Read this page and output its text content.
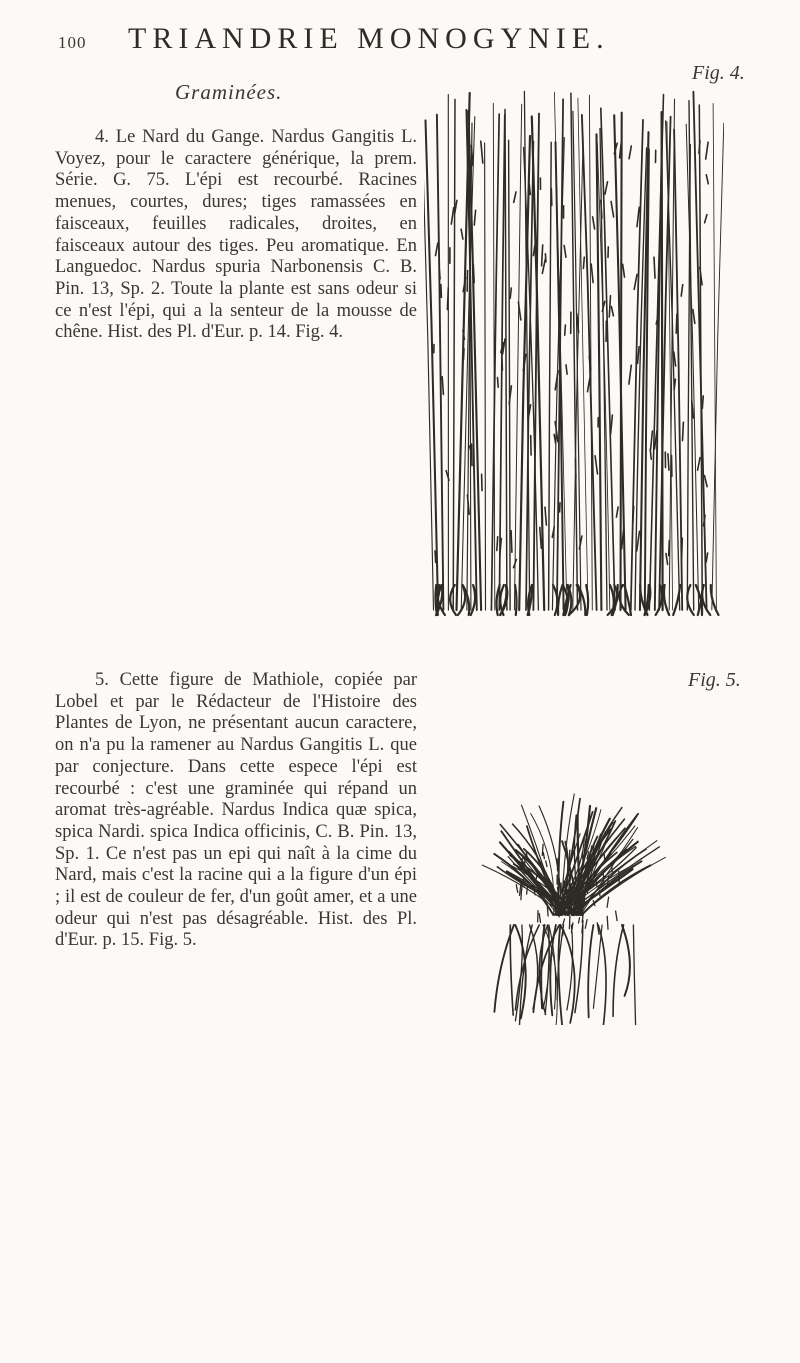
100	TRIANDRIE MONOGYNIE.
Graminées.
4. Le Nard du Gange. Nardus Gangitis L. Voyez, pour le caractere générique, la prem. Série. G. 75. L'épi est recourbé. Racines menues, courtes, dures; tiges ramassées en faisceaux, feuilles radicales, droites, en faisceaux autour des tiges. Peu aromatique. En Languedoc. Nardus spuria Narbonensis C. B. Pin. 13, Sp. 2. Toute la plante est sans odeur si ce n'est l'épi, qui a la senteur de la mousse de chêne. Hist. des Pl. d'Eur. p. 14. Fig. 4.
5. Cette figure de Mathiole, copiée par Lobel et par le Rédacteur de l'Histoire des Plantes de Lyon, ne présentant aucun caractere, on n'a pu la ramener au Nardus Gangitis L. que par conjecture. Dans cette espece l'épi est recourbé : c'est une graminée qui répand un aromat très-agréable. Nardus Indica quæ spica, spica Nardi. spica Indica officinis, C. B. Pin. 13, Sp. 1. Ce n'est pas un epi qui naît à la cime du Nard, mais c'est la racine qui a la figure d'un épi ; il est de couleur de fer, d'un goût amer, et a une odeur qui n'est pas désagréable. Hist. des Pl. d'Eur. p. 15. Fig. 5.
Fig. 4.
Fig. 5.
